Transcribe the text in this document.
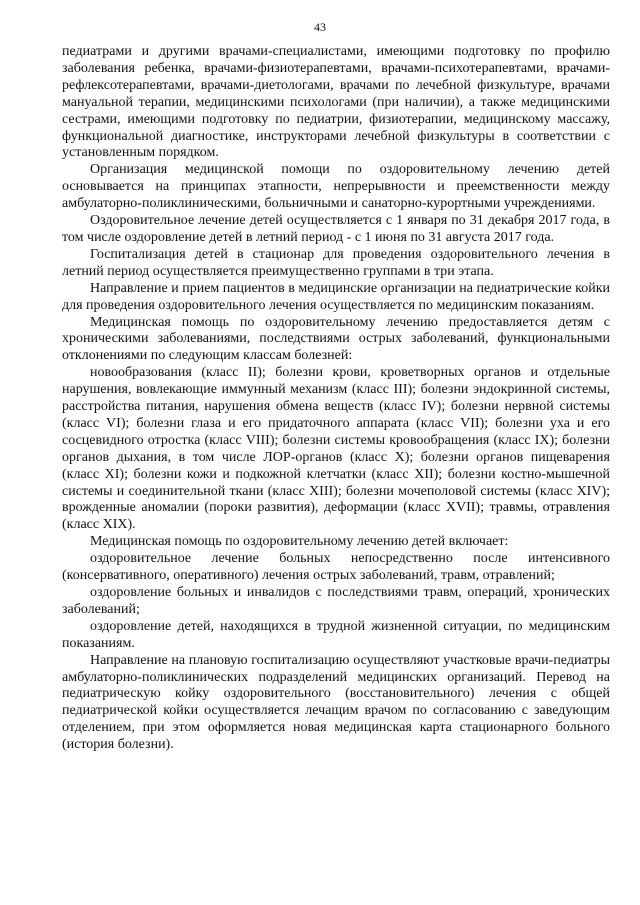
43

педиатрами и другими врачами-специалистами, имеющими подготовку по профилю заболевания ребенка, врачами-физиотерапевтами, врачами-психотерапевтами, врачами-рефлексотерапевтами, врачами-диетологами, врачами по лечебной физкультуре, врачами мануальной терапии, медицинскими психологами (при наличии), а также медицинскими сестрами, имеющими подготовку по педиатрии, физиотерапии, медицинскому массажу, функциональной диагностике, инструкторами лечебной физкультуры в соответствии с установленным порядком.

Организация медицинской помощи по оздоровительному лечению детей основывается на принципах этапности, непрерывности и преемственности между амбулаторно-поликлиническими, больничными и санаторно-курортными учреждениями.

Оздоровительное лечение детей осуществляется с 1 января по 31 декабря 2017 года, в том числе оздоровление детей в летний период - с 1 июня по 31 августа 2017 года.

Госпитализация детей в стационар для проведения оздоровительного лечения в летний период осуществляется преимущественно группами в три этапа.

Направление и прием пациентов в медицинские организации на педиатрические койки для проведения оздоровительного лечения осуществляется по медицинским показаниям.

Медицинская помощь по оздоровительному лечению предоставляется детям с хроническими заболеваниями, последствиями острых заболеваний, функциональными отклонениями по следующим классам болезней:

новообразования (класс II); болезни крови, кроветворных органов и отдельные нарушения, вовлекающие иммунный механизм (класс III); болезни эндокринной системы, расстройства питания, нарушения обмена веществ (класс IV); болезни нервной системы (класс VI); болезни глаза и его придаточного аппарата (класс VII); болезни уха и его сосцевидного отростка (класс VIII); болезни системы кровообращения (класс IX); болезни органов дыхания, в том числе ЛОР-органов (класс X); болезни органов пищеварения (класс XI); болезни кожи и подкожной клетчатки (класс XII); болезни костно-мышечной системы и соединительной ткани (класс XIII); болезни мочеполовой системы (класс XIV); врожденные аномалии (пороки развития), деформации (класс XVII); травмы, отравления (класс XIX).

Медицинская помощь по оздоровительному лечению детей включает:

оздоровительное лечение больных непосредственно после интенсивного (консервативного, оперативного) лечения острых заболеваний, травм, отравлений;

оздоровление больных и инвалидов с последствиями травм, операций, хронических заболеваний;

оздоровление детей, находящихся в трудной жизненной ситуации, по медицинским показаниям.

Направление на плановую госпитализацию осуществляют участковые врачи-педиатры амбулаторно-поликлинических подразделений медицинских организаций. Перевод на педиатрическую койку оздоровительного (восстановительного) лечения с общей педиатрической койки осуществляется лечащим врачом по согласованию с заведующим отделением, при этом оформляется новая медицинская карта стационарного больного (история болезни).
